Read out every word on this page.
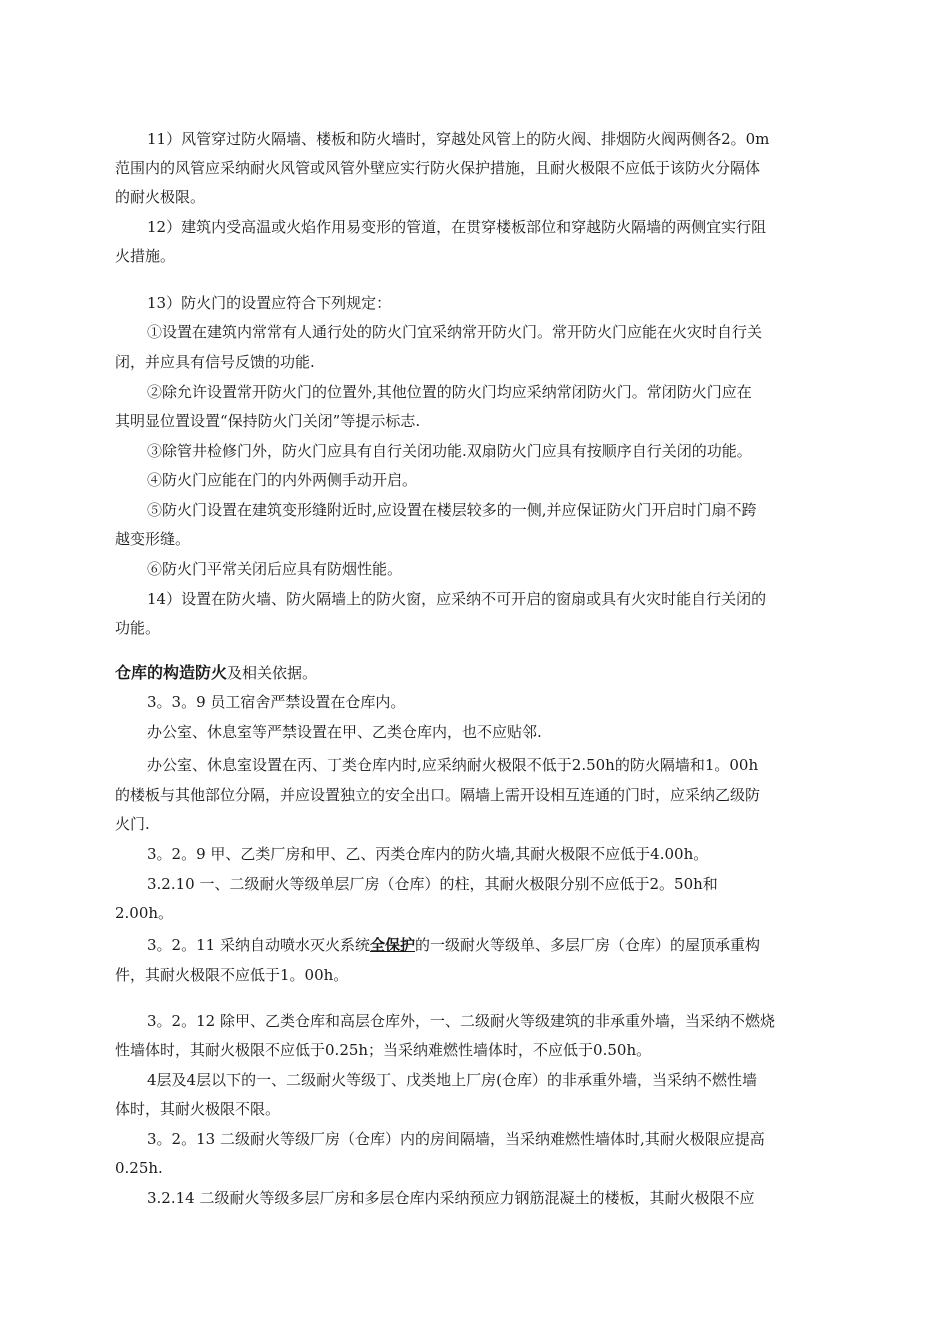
11）风管穿过防火隔墙、楼板和防火墙时，穿越处风管上的防火阀、排烟防火阀两侧各2。0m
范围内的风管应采纳耐火风管或风管外壁应实行防火保护措施，且耐火极限不应低于该防火分隔体
的耐火极限。
12）建筑内受高温或火焰作用易变形的管道，在贯穿楼板部位和穿越防火隔墙的两侧宜实行阻
火措施。
13）防火门的设置应符合下列规定：
①设置在建筑内常常有人通行处的防火门宜采纳常开防火门。常开防火门应能在火灾时自行关
闭，并应具有信号反馈的功能.
②除允许设置常开防火门的位置外,其他位置的防火门均应采纳常闭防火门。常闭防火门应在
其明显位置设置“保持防火门关闭”等提示标志.
③除管井检修门外，防火门应具有自行关闭功能.双扇防火门应具有按顺序自行关闭的功能。
④防火门应能在门的内外两侧手动开启。
⑤防火门设置在建筑变形缝附近时,应设置在楼层较多的一侧,并应保证防火门开启时门扇不跨
越变形缝。
⑥防火门平常关闭后应具有防烟性能。
14）设置在防火墙、防火隔墙上的防火窗，应采纳不可开启的窗扇或具有火灾时能自行关闭的
功能。
仓库的构造防火及相关依据。
3。3。9 员工宿舍严禁设置在仓库内。
办公室、休息室等严禁设置在甲、乙类仓库内，也不应贴邻.
办公室、休息室设置在丙、丁类仓库内时,应采纳耐火极限不低于2.50h的防火隔墙和1。00h
的楼板与其他部位分隔，并应设置独立的安全出口。隔墙上需开设相互连通的门时，应采纳乙级防
火门.
3。2。9 甲、乙类厂房和甲、乙、丙类仓库内的防火墙,其耐火极限不应低于4.00h。
3.2.10 一、二级耐火等级单层厂房（仓库）的柱，其耐火极限分别不应低于2。50h和
2.00h。
3。2。11 采纳自动喷水灭火系统全保护的一级耐火等级单、多层厂房（仓库）的屋顶承重构
件，其耐火极限不应低于1。00h。
3。2。12 除甲、乙类仓库和高层仓库外，一、二级耐火等级建筑的非承重外墙，当采纳不燃烧
性墙体时，其耐火极限不应低于0.25h；当采纳难燃性墙体时，不应低于0.50h。
4层及4层以下的一、二级耐火等级丁、戊类地上厂房(仓库）的非承重外墙，当采纳不燃性墙
体时，其耐火极限不限。
3。2。13 二级耐火等级厂房（仓库）内的房间隔墙，当采纳难燃性墙体时,其耐火极限应提高
0.25h.
3.2.14 二级耐火等级多层厂房和多层仓库内采纳预应力钢筋混凝土的楼板，其耐火极限不应
